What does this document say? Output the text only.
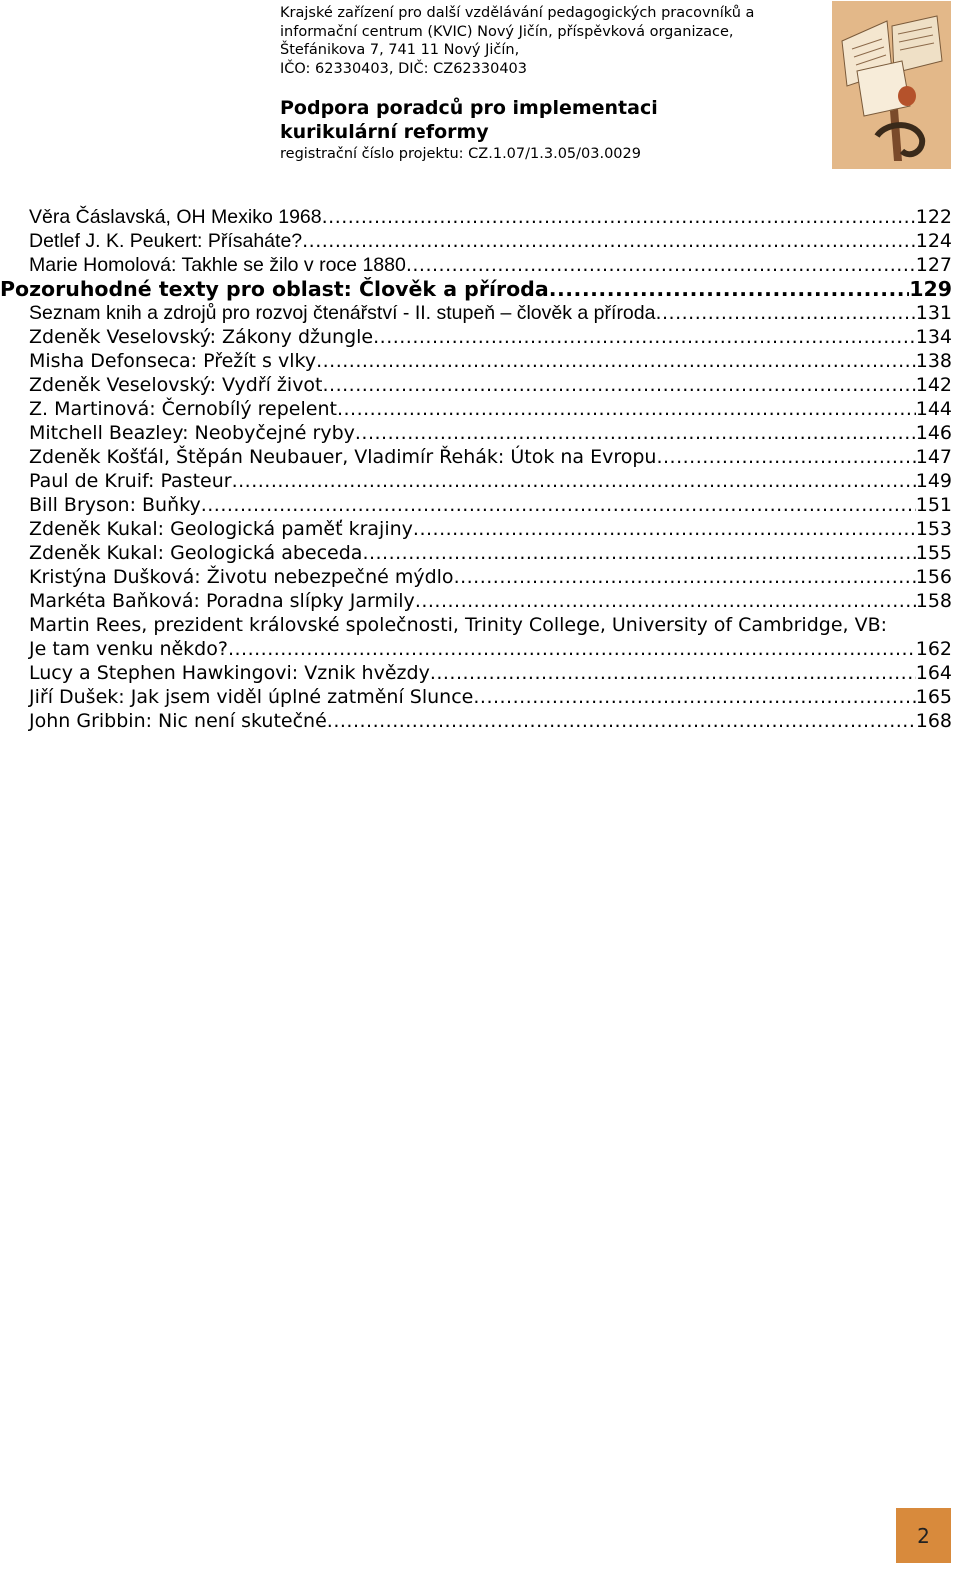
Krajské zařízení pro další vzdělávání pedagogických pracovníků a

informační centrum (KVIC) Nový Jičín, příspěvková organizace,

Štefánikova 7, 741 11 Nový Jičín,

IČO: 62330403, DIČ: CZ62330403

Podpora poradců pro implementaci
kurikulární reformy

registrační číslo projektu: CZ.1.07/1.3.05/03.0029

Věra Čáslavská, OH Mexiko 1968 .....	122
Detlef J. K. Peukert: Přísaháte? .....	124
Marie Homolová: Takhle se žilo v roce 1880 .....	127
Pozoruhodné texty pro oblast: Člověk a příroda .....	129
Seznam knih a zdrojů pro rozvoj čtenářství - II. stupeň – člověk a příroda .....	131
Zdeněk Veselovský: Zákony džungle .....	134
Misha Defonseca: Přežít s vlky .....	138
Zdeněk Veselovský: Vydří život .....	142
Z. Martinová: Černobílý repelent .....	144
Mitchell Beazley: Neobyčejné ryby .....	146
Zdeněk Košťál, Štěpán Neubauer, Vladimír Řehák: Útok na Evropu .....	147
Paul de Kruif: Pasteur .....	149
Bill Bryson: Buňky .....	151
Zdeněk Kukal: Geologická paměť krajiny .....	153
Zdeněk Kukal: Geologická abeceda .....	155
Kristýna Dušková: Životu nebezpečné mýdlo .....	156
Markéta Baňková: Poradna slípky Jarmily .....	158
Martin Rees, prezident královské společnosti, Trinity College, University of Cambridge, VB:
Je tam venku někdo? .....	162
Lucy a Stephen Hawkingovi: Vznik hvězdy .....	164
Jiří Dušek: Jak jsem viděl úplné zatmění Slunce .....	165
John Gribbin: Nic není skutečné .....	168
2
